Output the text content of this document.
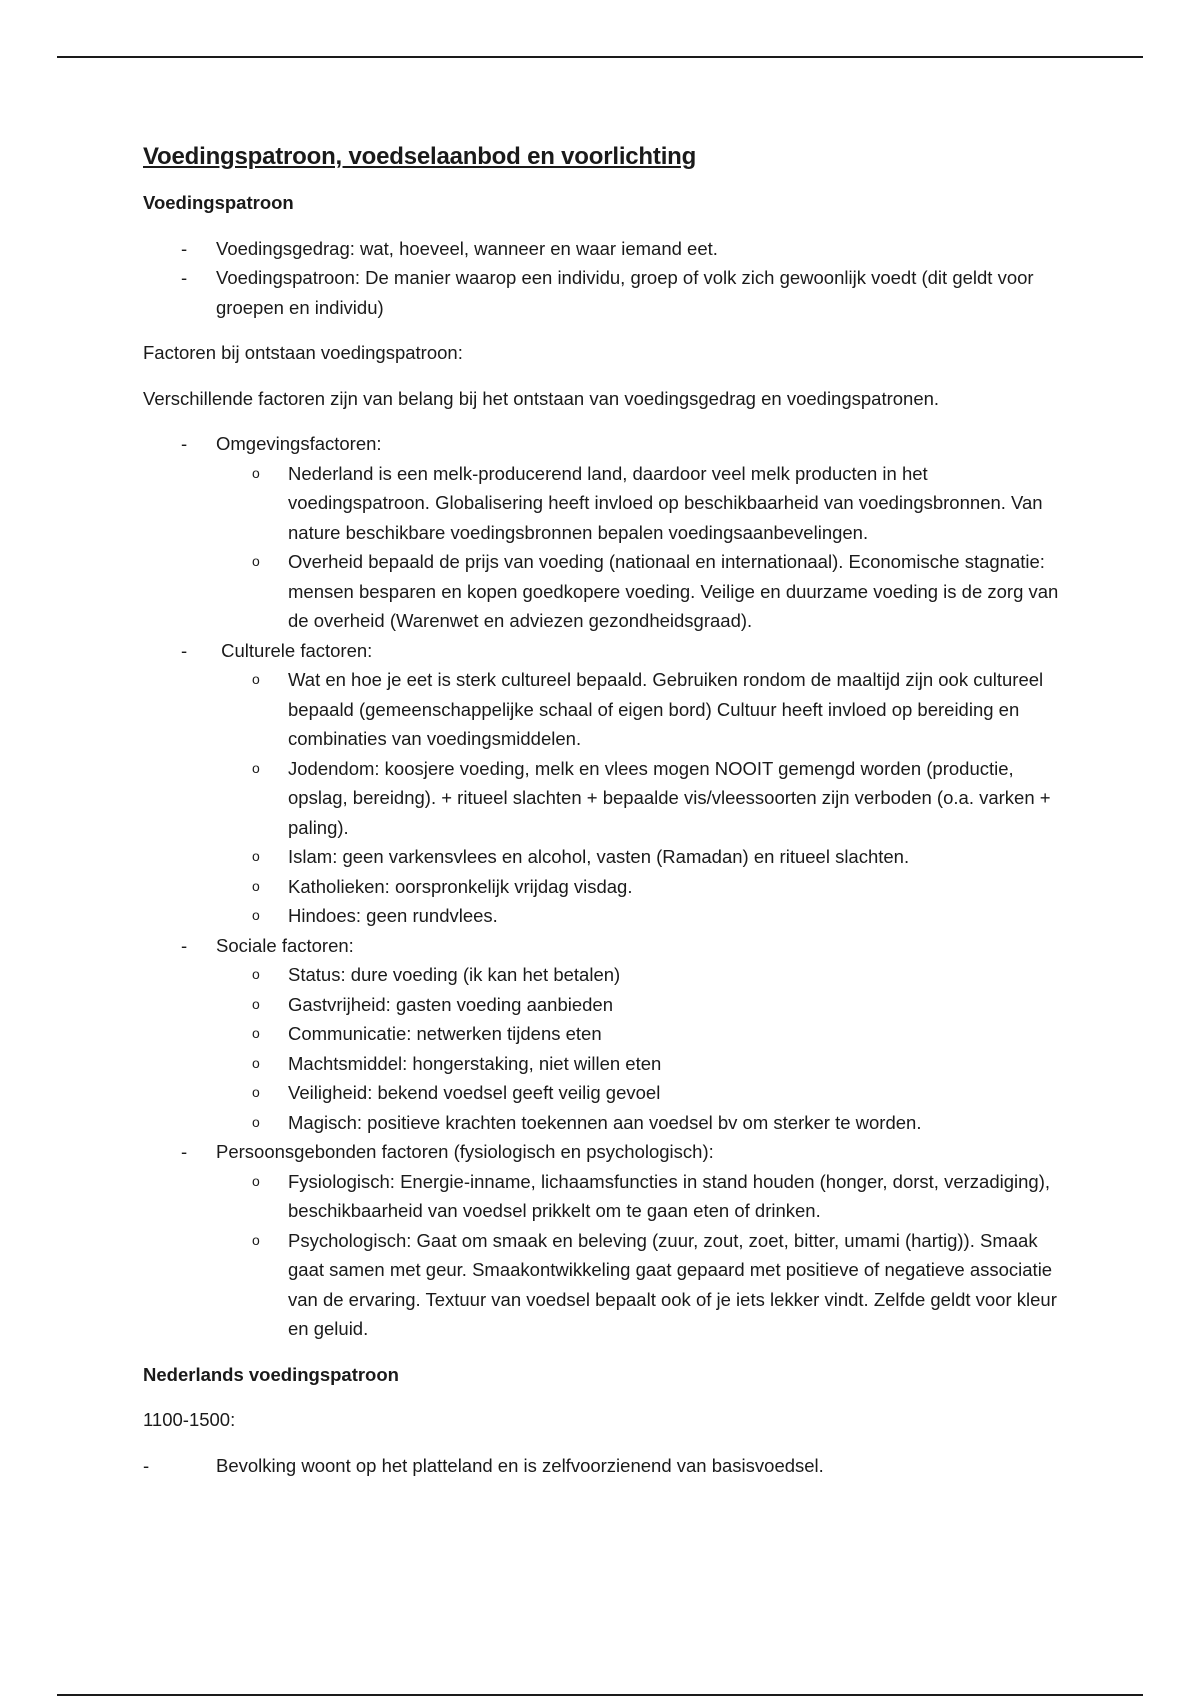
Voedingspatroon, voedselaanbod en voorlichting
Voedingspatroon
- Voedingsgedrag: wat, hoeveel, wanneer en waar iemand eet.
- Voedingspatroon: De manier waarop een individu, groep of volk zich gewoonlijk voedt (dit geldt voor groepen en individu)
Factoren bij ontstaan voedingspatroon:
Verschillende factoren zijn van belang bij het ontstaan van voedingsgedrag en voedingspatronen.
- Omgevingsfactoren:
o Nederland is een melk-producerend land, daardoor veel melk producten in het voedingspatroon. Globalisering heeft invloed op beschikbaarheid van voedingsbronnen. Van nature beschikbare voedingsbronnen bepalen voedingsaanbevelingen.
o Overheid bepaald de prijs van voeding (nationaal en internationaal). Economische stagnatie: mensen besparen en kopen goedkopere voeding. Veilige en duurzame voeding is de zorg van de overheid (Warenwet en adviezen gezondheidsgraad).
- Culturele factoren:
o Wat en hoe je eet is sterk cultureel bepaald. Gebruiken rondom de maaltijd zijn ook cultureel bepaald (gemeenschappelijke schaal of eigen bord) Cultuur heeft invloed op bereiding en combinaties van voedingsmiddelen.
o Jodendom: koosjere voeding, melk en vlees mogen NOOIT gemengd worden (productie, opslag, bereidng). + ritueel slachten + bepaalde vis/vleessoorten zijn verboden (o.a. varken + paling).
o Islam: geen varkensvlees en alcohol, vasten (Ramadan) en ritueel slachten.
o Katholieken: oorspronkelijk vrijdag visdag.
o Hindoes: geen rundvlees.
- Sociale factoren:
o Status: dure voeding (ik kan het betalen)
o Gastvrijheid: gasten voeding aanbieden
o Communicatie: netwerken tijdens eten
o Machtsmiddel: hongerstaking, niet willen eten
o Veiligheid: bekend voedsel geeft veilig gevoel
o Magisch: positieve krachten toekennen aan voedsel bv om sterker te worden.
- Persoonsgebonden factoren (fysiologisch en psychologisch):
o Fysiologisch: Energie-inname, lichaamsfuncties in stand houden (honger, dorst, verzadiging), beschikbaarheid van voedsel prikkelt om te gaan eten of drinken.
o Psychologisch: Gaat om smaak en beleving (zuur, zout, zoet, bitter, umami (hartig)). Smaak gaat samen met geur. Smaakontwikkeling gaat gepaard met positieve of negatieve associatie van de ervaring. Textuur van voedsel bepaalt ook of je iets lekker vindt. Zelfde geldt voor kleur en geluid.
Nederlands voedingspatroon
1100-1500:
-	Bevolking woont op het platteland en is zelfvoorzienend van basisvoedsel.
